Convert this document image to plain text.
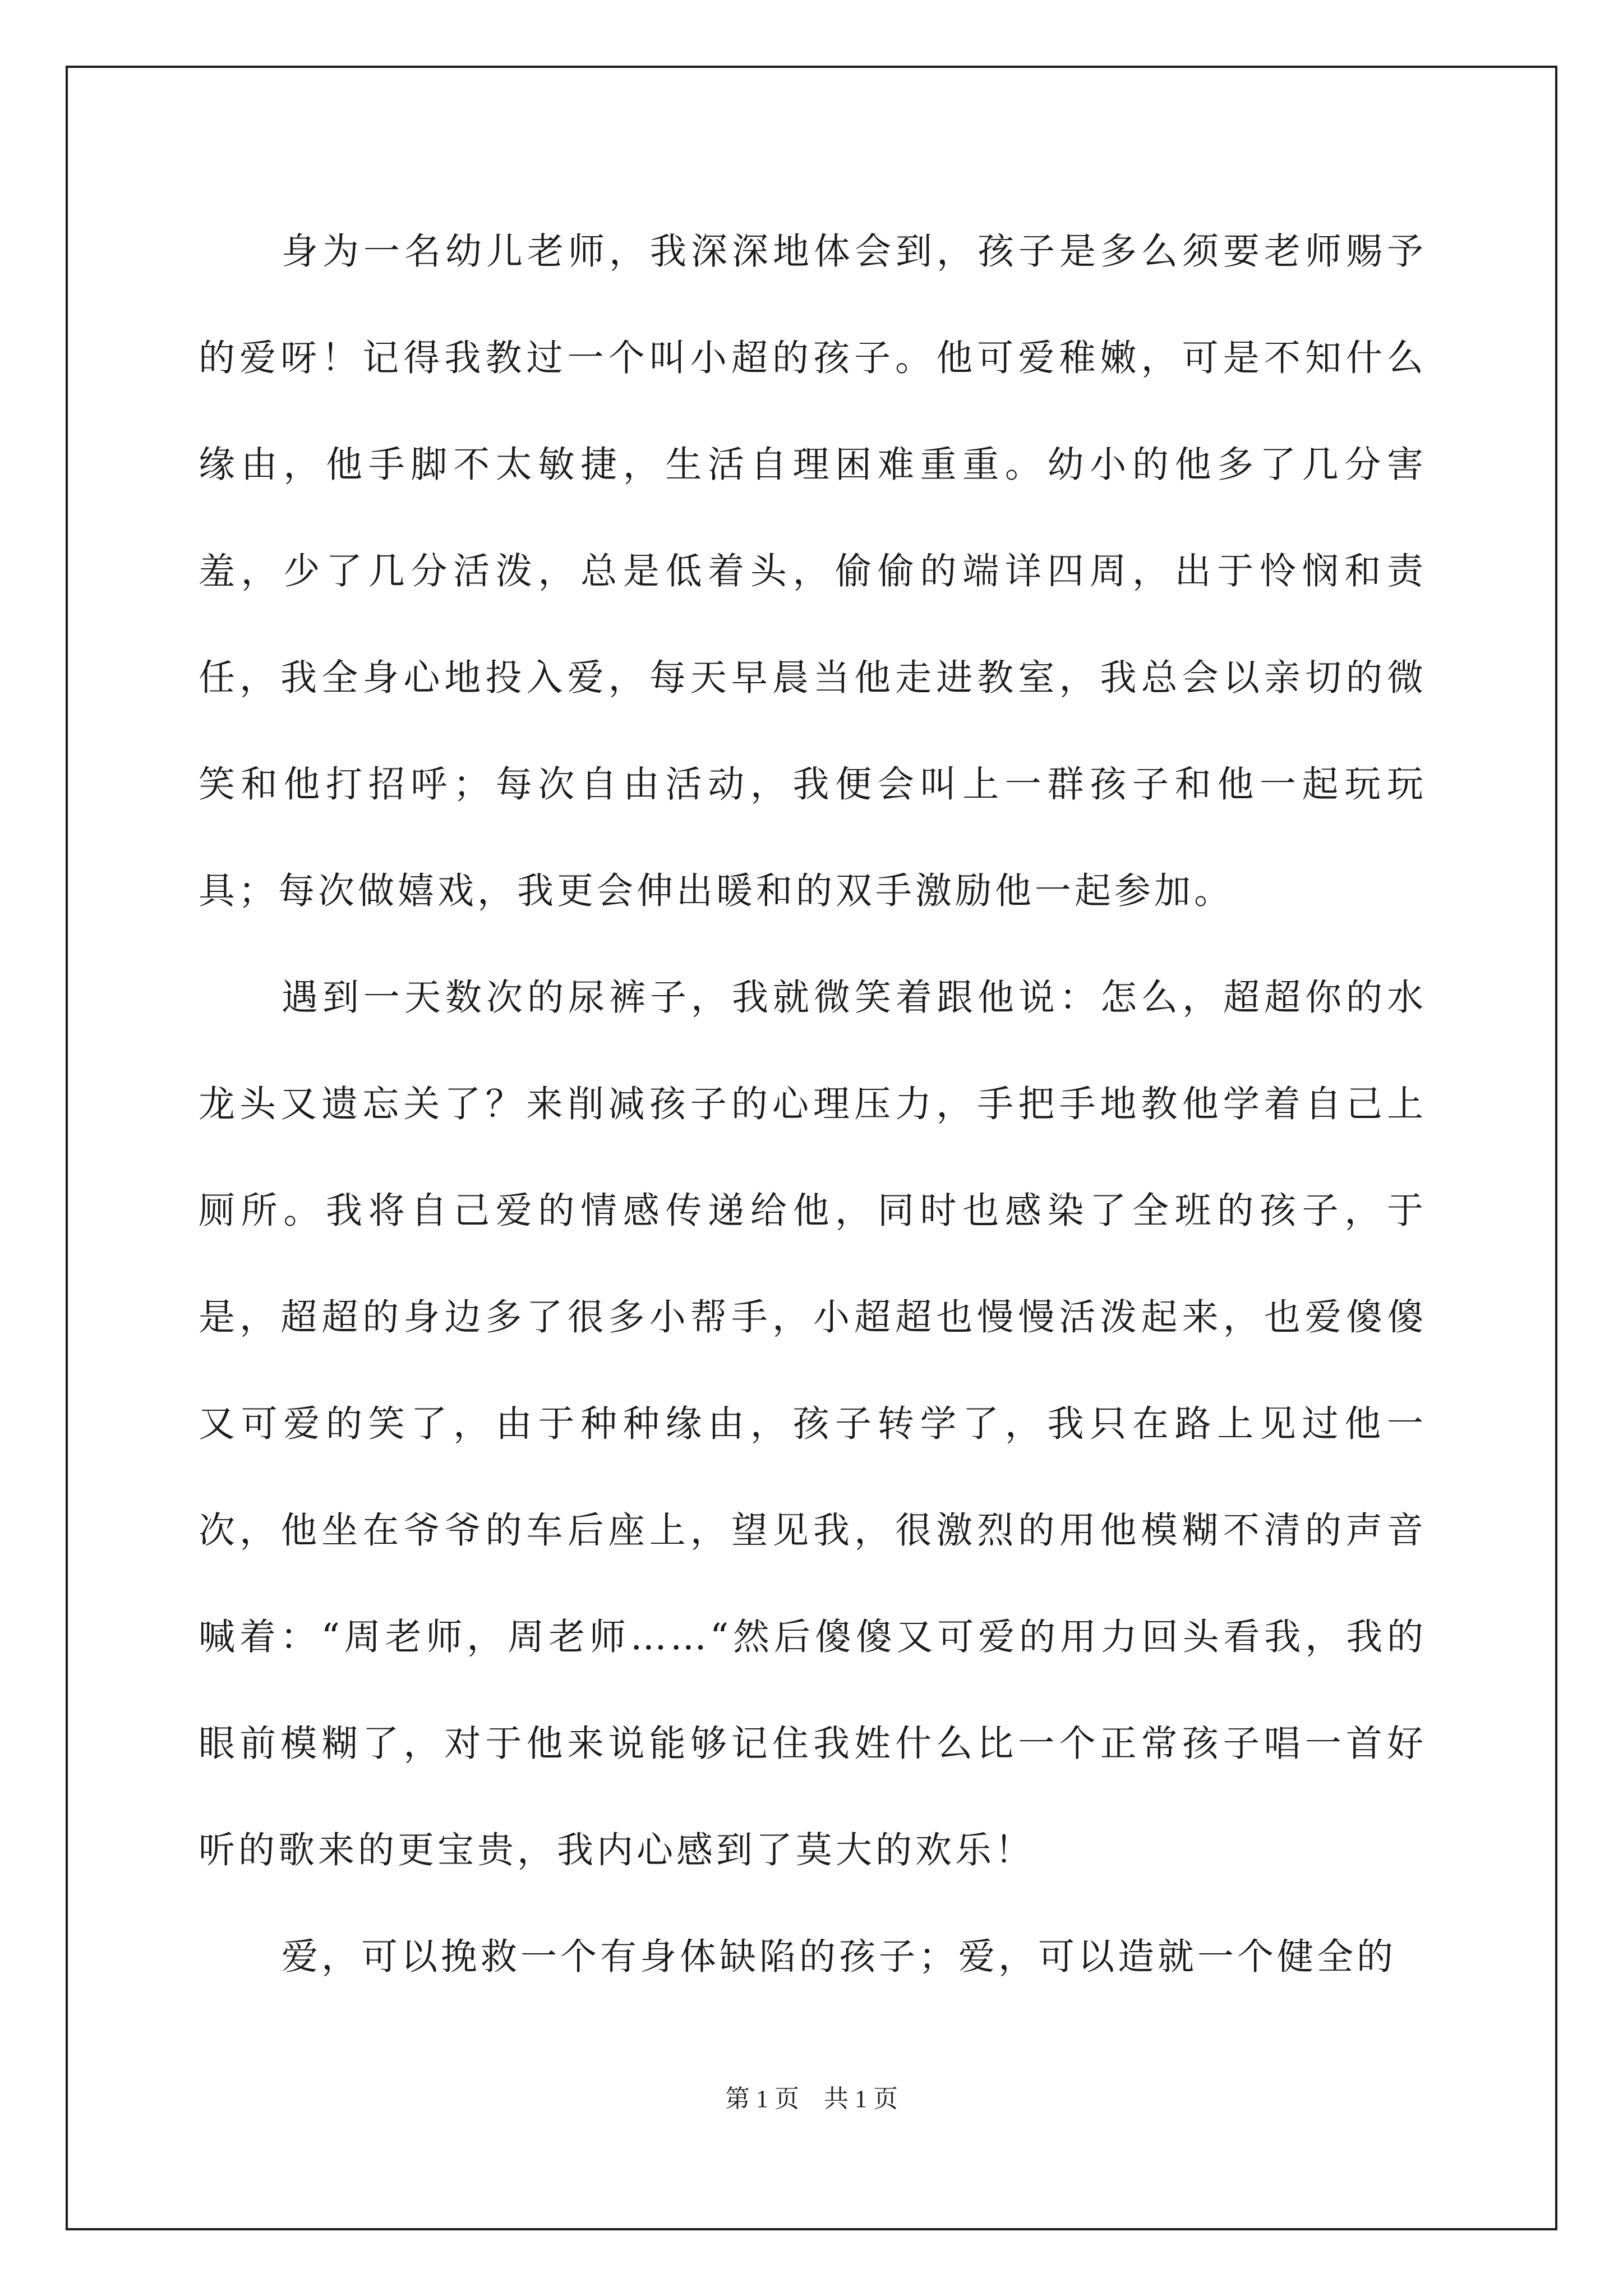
身为一名幼儿老师，我深深地体会到，孩子是多么须要老师赐予的爱呀！记得我教过一个叫小超的孩子。他可爱稚嫩，可是不知什么缘由，他手脚不太敏捷，生活自理困难重重。幼小的他多了几分害羞，少了几分活泼，总是低着头，偷偷的端详四周，出于怜悯和责任，我全身心地投入爱，每天早晨当他走进教室，我总会以亲切的微笑和他打招呼；每次自由活动，我便会叫上一群孩子和他一起玩玩具；每次做嬉戏，我更会伸出暖和的双手激励他一起参加。

遇到一天数次的尿裤子，我就微笑着跟他说：怎么，超超你的水龙头又遗忘关了？来削减孩子的心理压力，手把手地教他学着自己上厕所。我将自己爱的情感传递给他，同时也感染了全班的孩子，于是，超超的身边多了很多小帮手，小超超也慢慢活泼起来，也爱傻傻又可爱的笑了，由于种种缘由，孩子转学了，我只在路上见过他一次，他坐在爷爷的车后座上，望见我，很激烈的用他模糊不清的声音喊着：“周老师，周老师……“然后傻傻又可爱的用力回头看我，我的眼前模糊了，对于他来说能够记住我姓什么比一个正常孩子唱一首好听的歌来的更宝贵，我内心感到了莫大的欢乐！

爱，可以挽救一个有身体缺陷的孩子；爱，可以造就一个健全的

第 1 页    共 1 页
